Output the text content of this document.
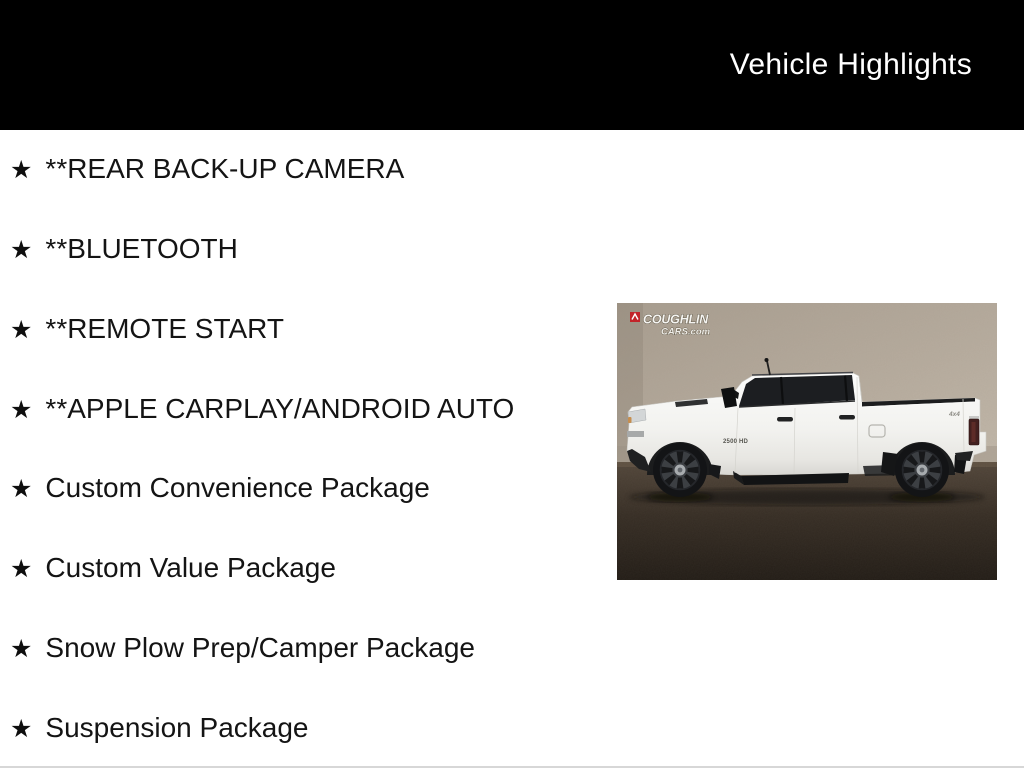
Vehicle Highlights
★ **REAR BACK-UP CAMERA
★ **BLUETOOTH
★ **REMOTE START
★ **APPLE CARPLAY/ANDROID AUTO
★ Custom Convenience Package
★ Custom Value Package
★ Snow Plow Prep/Camper Package
★ Suspension Package
COUGHLIN
CARS.com
2500 HD
4x4
